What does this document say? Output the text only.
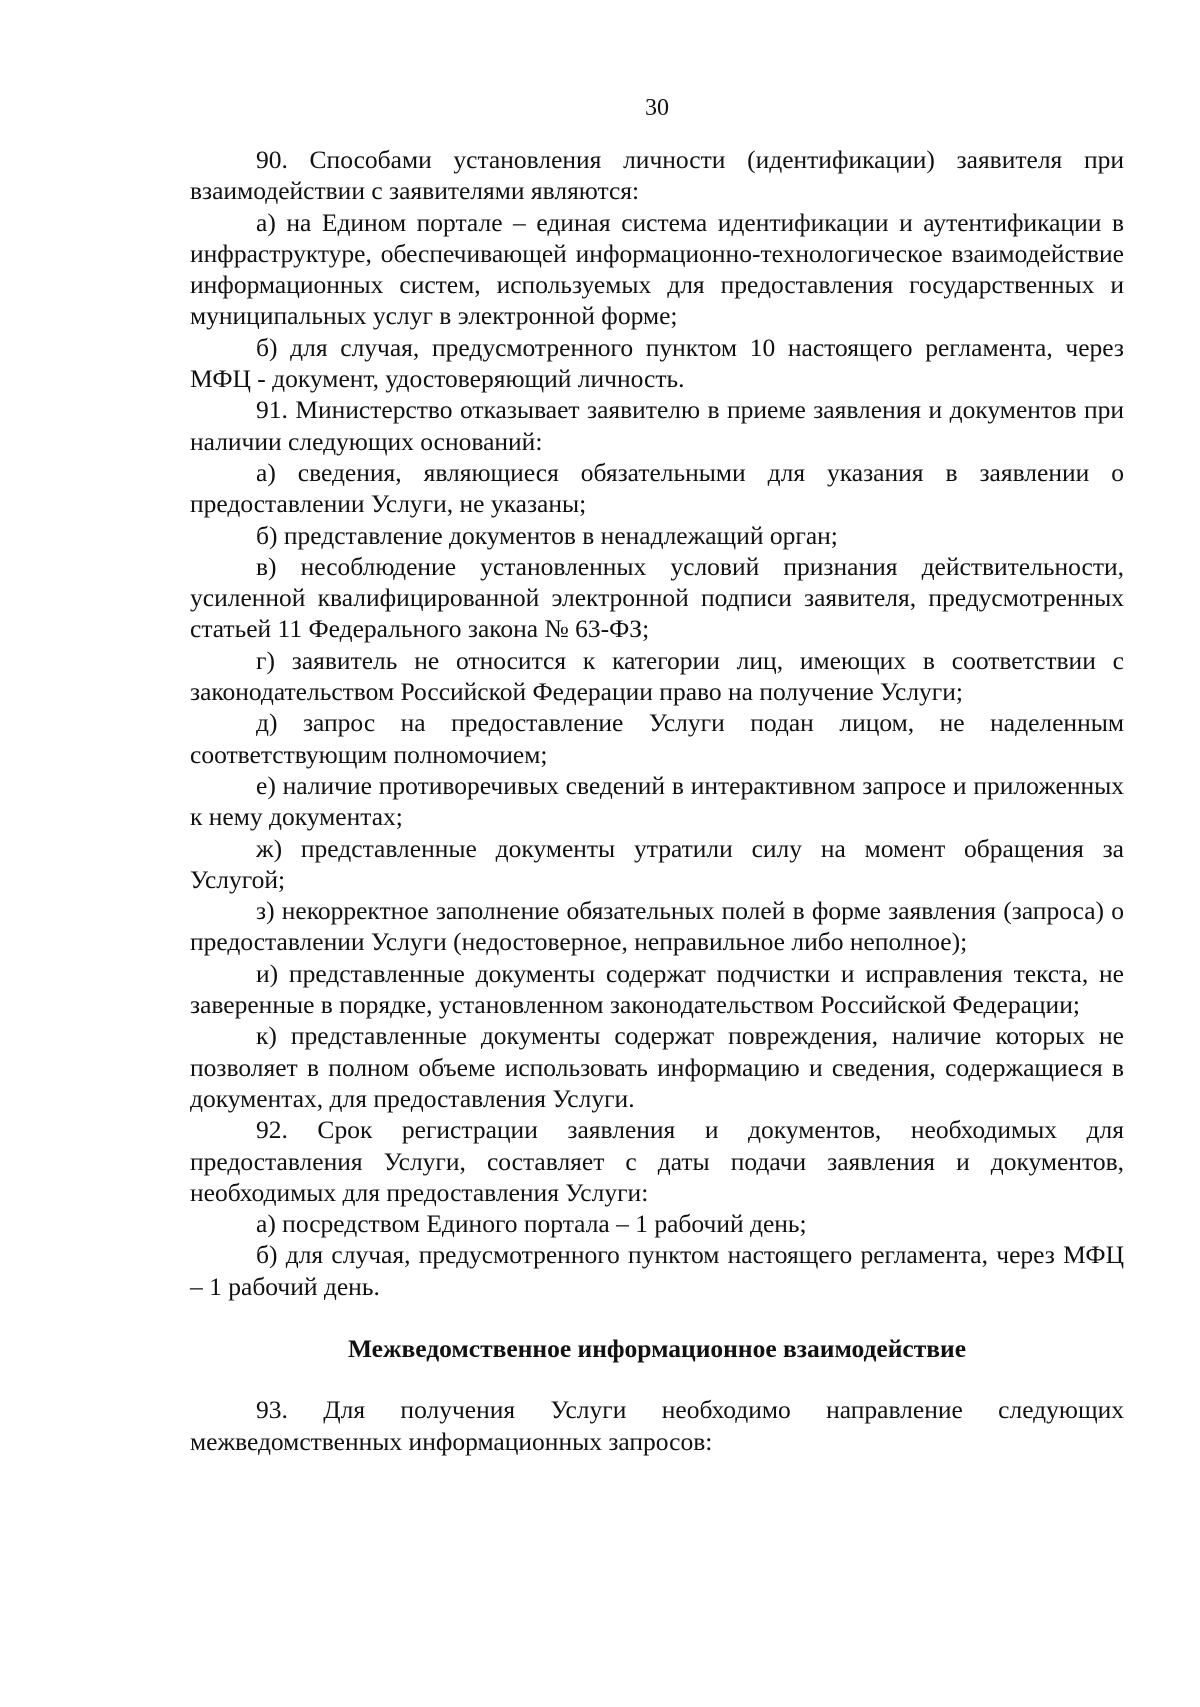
30

90. Способами установления личности (идентификации) заявителя при взаимодействии с заявителями являются:

а) на Едином портале – единая система идентификации и аутентификации в инфраструктуре, обеспечивающей информационно-технологическое взаимодействие информационных систем, используемых для предоставления государственных и муниципальных услуг в электронной форме;

б) для случая, предусмотренного пунктом 10 настоящего регламента, через МФЦ - документ, удостоверяющий личность.

91. Министерство отказывает заявителю в приеме заявления и документов при наличии следующих оснований:

а) сведения, являющиеся обязательными для указания в заявлении о предоставлении Услуги, не указаны;

б) представление документов в ненадлежащий орган;

в) несоблюдение установленных условий признания действительности, усиленной квалифицированной электронной подписи заявителя, предусмотренных статьей 11 Федерального закона № 63-ФЗ;

г) заявитель не относится к категории лиц, имеющих в соответствии с законодательством Российской Федерации право на получение Услуги;

д) запрос на предоставление Услуги подан лицом, не наделенным соответствующим полномочием;

е) наличие противоречивых сведений в интерактивном запросе и приложенных к нему документах;

ж) представленные документы утратили силу на момент обращения за Услугой;

з) некорректное заполнение обязательных полей в форме заявления (запроса) о предоставлении Услуги (недостоверное, неправильное либо неполное);

и) представленные документы содержат подчистки и исправления текста, не заверенные в порядке, установленном законодательством Российской Федерации;

к) представленные документы содержат повреждения, наличие которых не позволяет в полном объеме использовать информацию и сведения, содержащиеся в документах, для предоставления Услуги.

92. Срок регистрации заявления и документов, необходимых для предоставления Услуги, составляет с даты подачи заявления и документов, необходимых для предоставления Услуги:

а) посредством Единого портала – 1 рабочий день;

б) для случая, предусмотренного пунктом настоящего регламента, через МФЦ – 1 рабочий день.

Межведомственное информационное взаимодействие

93. Для получения Услуги необходимо направление следующих межведомственных информационных запросов:
